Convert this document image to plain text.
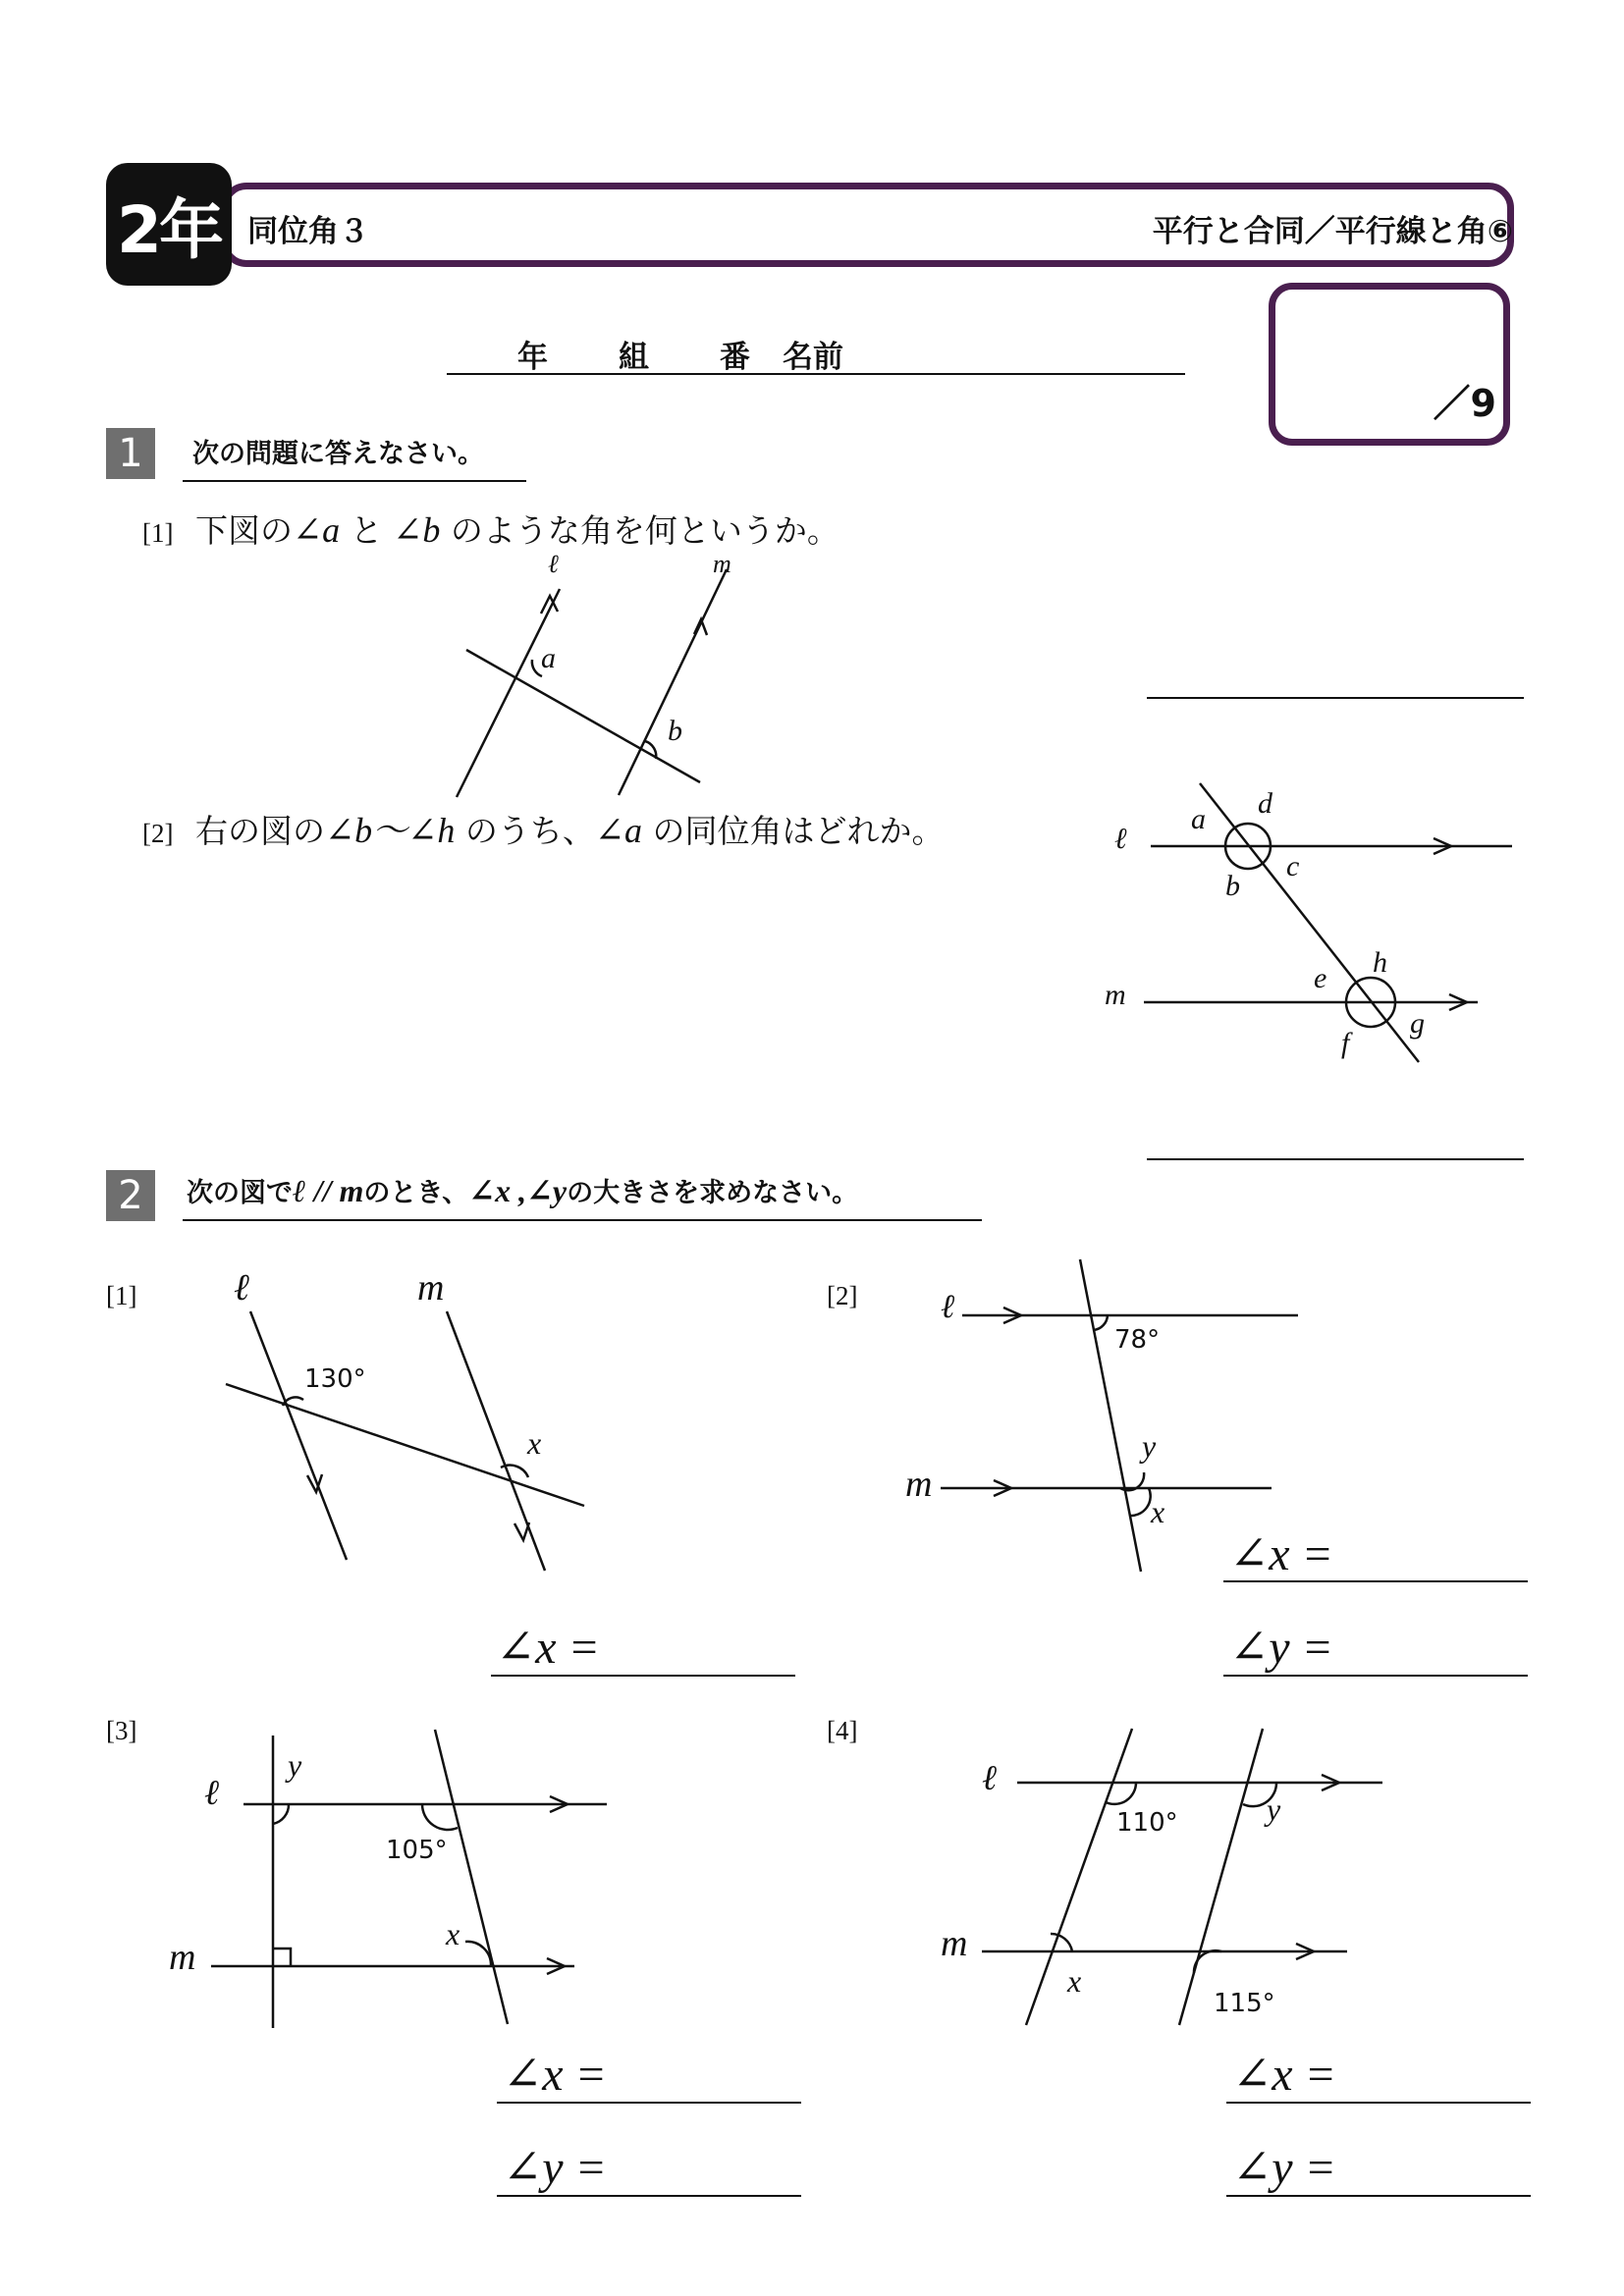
2年 同位角３	平行と合同／平行線と角⑥
／9
年 組 番 名前
1	次の問題に答えなさい。
[1] 下図の∠a と ∠b のような角を何というか。
[2] 右の図の∠b〜∠h のうち、∠a の同位角はどれか。
2	次の図でℓ // mのとき、∠x ,∠yの大きさを求めなさい。
[1]	[2]
[3]	[4]
ℓ	m
a
b
ℓ
m
a d
c
b
e h
g
f
ℓ	m
130°
x
∠x =
ℓ
m
78°
y
x
∠x =
∠y =
ℓ
m
y
105°
x
∠x =
∠y =
ℓ
m
110°	y
x
115°
∠x =
∠y =
